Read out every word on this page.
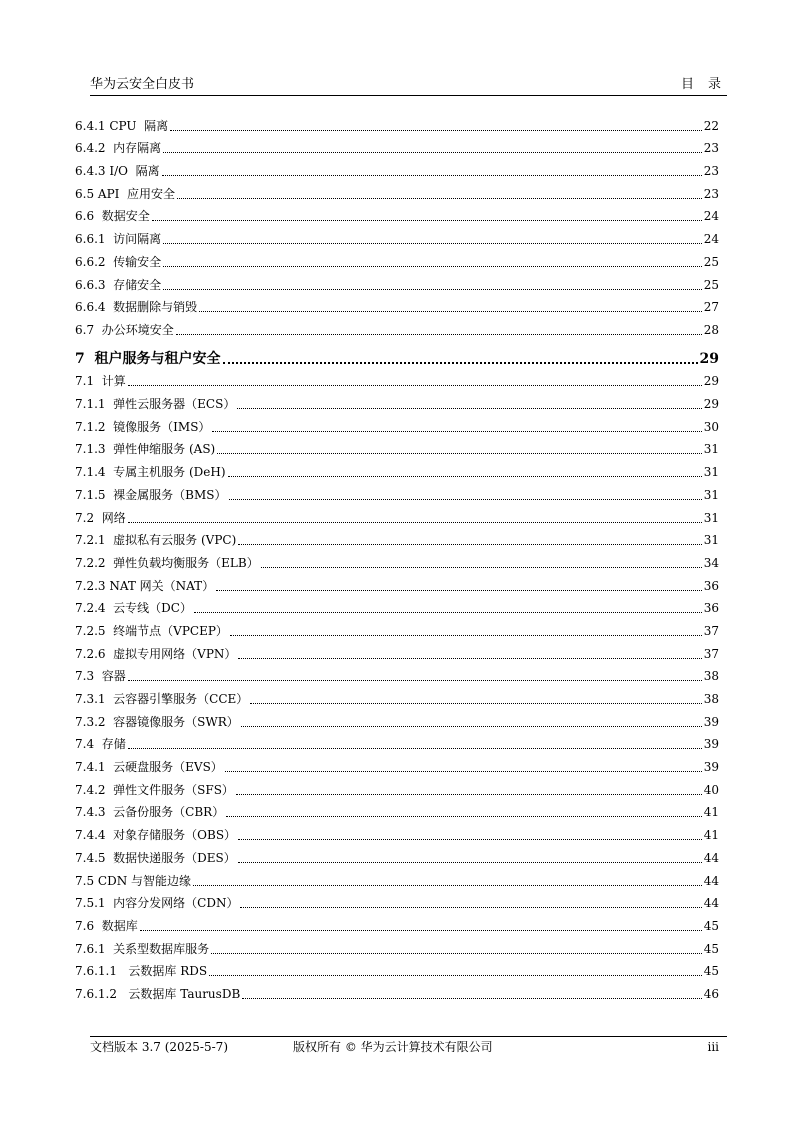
华为云安全白皮书	目录
6.4.1 CPU  隔离	22
6.4.2  内存隔离	23
6.4.3 I/O  隔离	23
6.5 API  应用安全	23
6.6  数据安全	24
6.6.1  访问隔离	24
6.6.2  传输安全	25
6.6.3  存储安全	25
6.6.4  数据删除与销毁	27
6.7  办公环境安全	28
7  租户服务与租户安全	29
7.1  计算	29
7.1.1  弹性云服务器（ECS）	29
7.1.2  镜像服务（IMS）	30
7.1.3  弹性伸缩服务 (AS)	31
7.1.4  专属主机服务 (DeH)	31
7.1.5  裸金属服务（BMS）	31
7.2  网络	31
7.2.1  虚拟私有云服务 (VPC)	31
7.2.2  弹性负载均衡服务（ELB）	34
7.2.3 NAT 网关（NAT）	36
7.2.4  云专线（DC）	36
7.2.5  终端节点（VPCEP）	37
7.2.6  虚拟专用网络（VPN）	37
7.3  容器	38
7.3.1  云容器引擎服务（CCE）	38
7.3.2  容器镜像服务（SWR）	39
7.4  存储	39
7.4.1  云硬盘服务（EVS）	39
7.4.2  弹性文件服务（SFS）	40
7.4.3  云备份服务（CBR）	41
7.4.4  对象存储服务（OBS）	41
7.4.5  数据快递服务（DES）	44
7.5 CDN 与智能边缘	44
7.5.1  内容分发网络（CDN）	44
7.6  数据库	45
7.6.1  关系型数据库服务	45
7.6.1.1   云数据库 RDS	45
7.6.1.2   云数据库 TaurusDB	46
文档版本 3.7 (2025-5-7)	版权所有 © 华为云计算技术有限公司	iii
